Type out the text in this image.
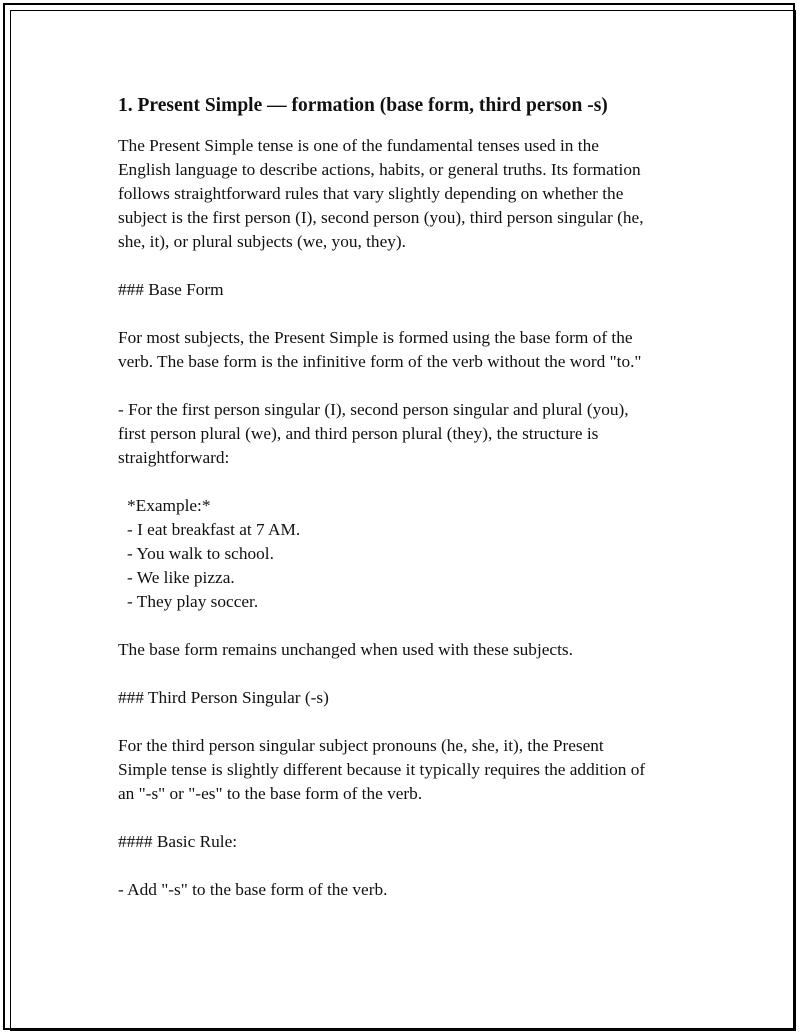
1. Present Simple — formation (base form, third person -s)

The Present Simple tense is one of the fundamental tenses used in the
English language to describe actions, habits, or general truths. Its formation
follows straightforward rules that vary slightly depending on whether the
subject is the first person (I), second person (you), third person singular (he,
she, it), or plural subjects (we, you, they).

### Base Form

For most subjects, the Present Simple is formed using the base form of the
verb. The base form is the infinitive form of the verb without the word "to."

- For the first person singular (I), second person singular and plural (you),
first person plural (we), and third person plural (they), the structure is
straightforward:

*Example:*
- I eat breakfast at 7 AM.
- You walk to school.
- We like pizza.
- They play soccer.

The base form remains unchanged when used with these subjects.

### Third Person Singular (-s)

For the third person singular subject pronouns (he, she, it), the Present
Simple tense is slightly different because it typically requires the addition of
an "-s" or "-es" to the base form of the verb.

#### Basic Rule:

- Add "-s" to the base form of the verb.
